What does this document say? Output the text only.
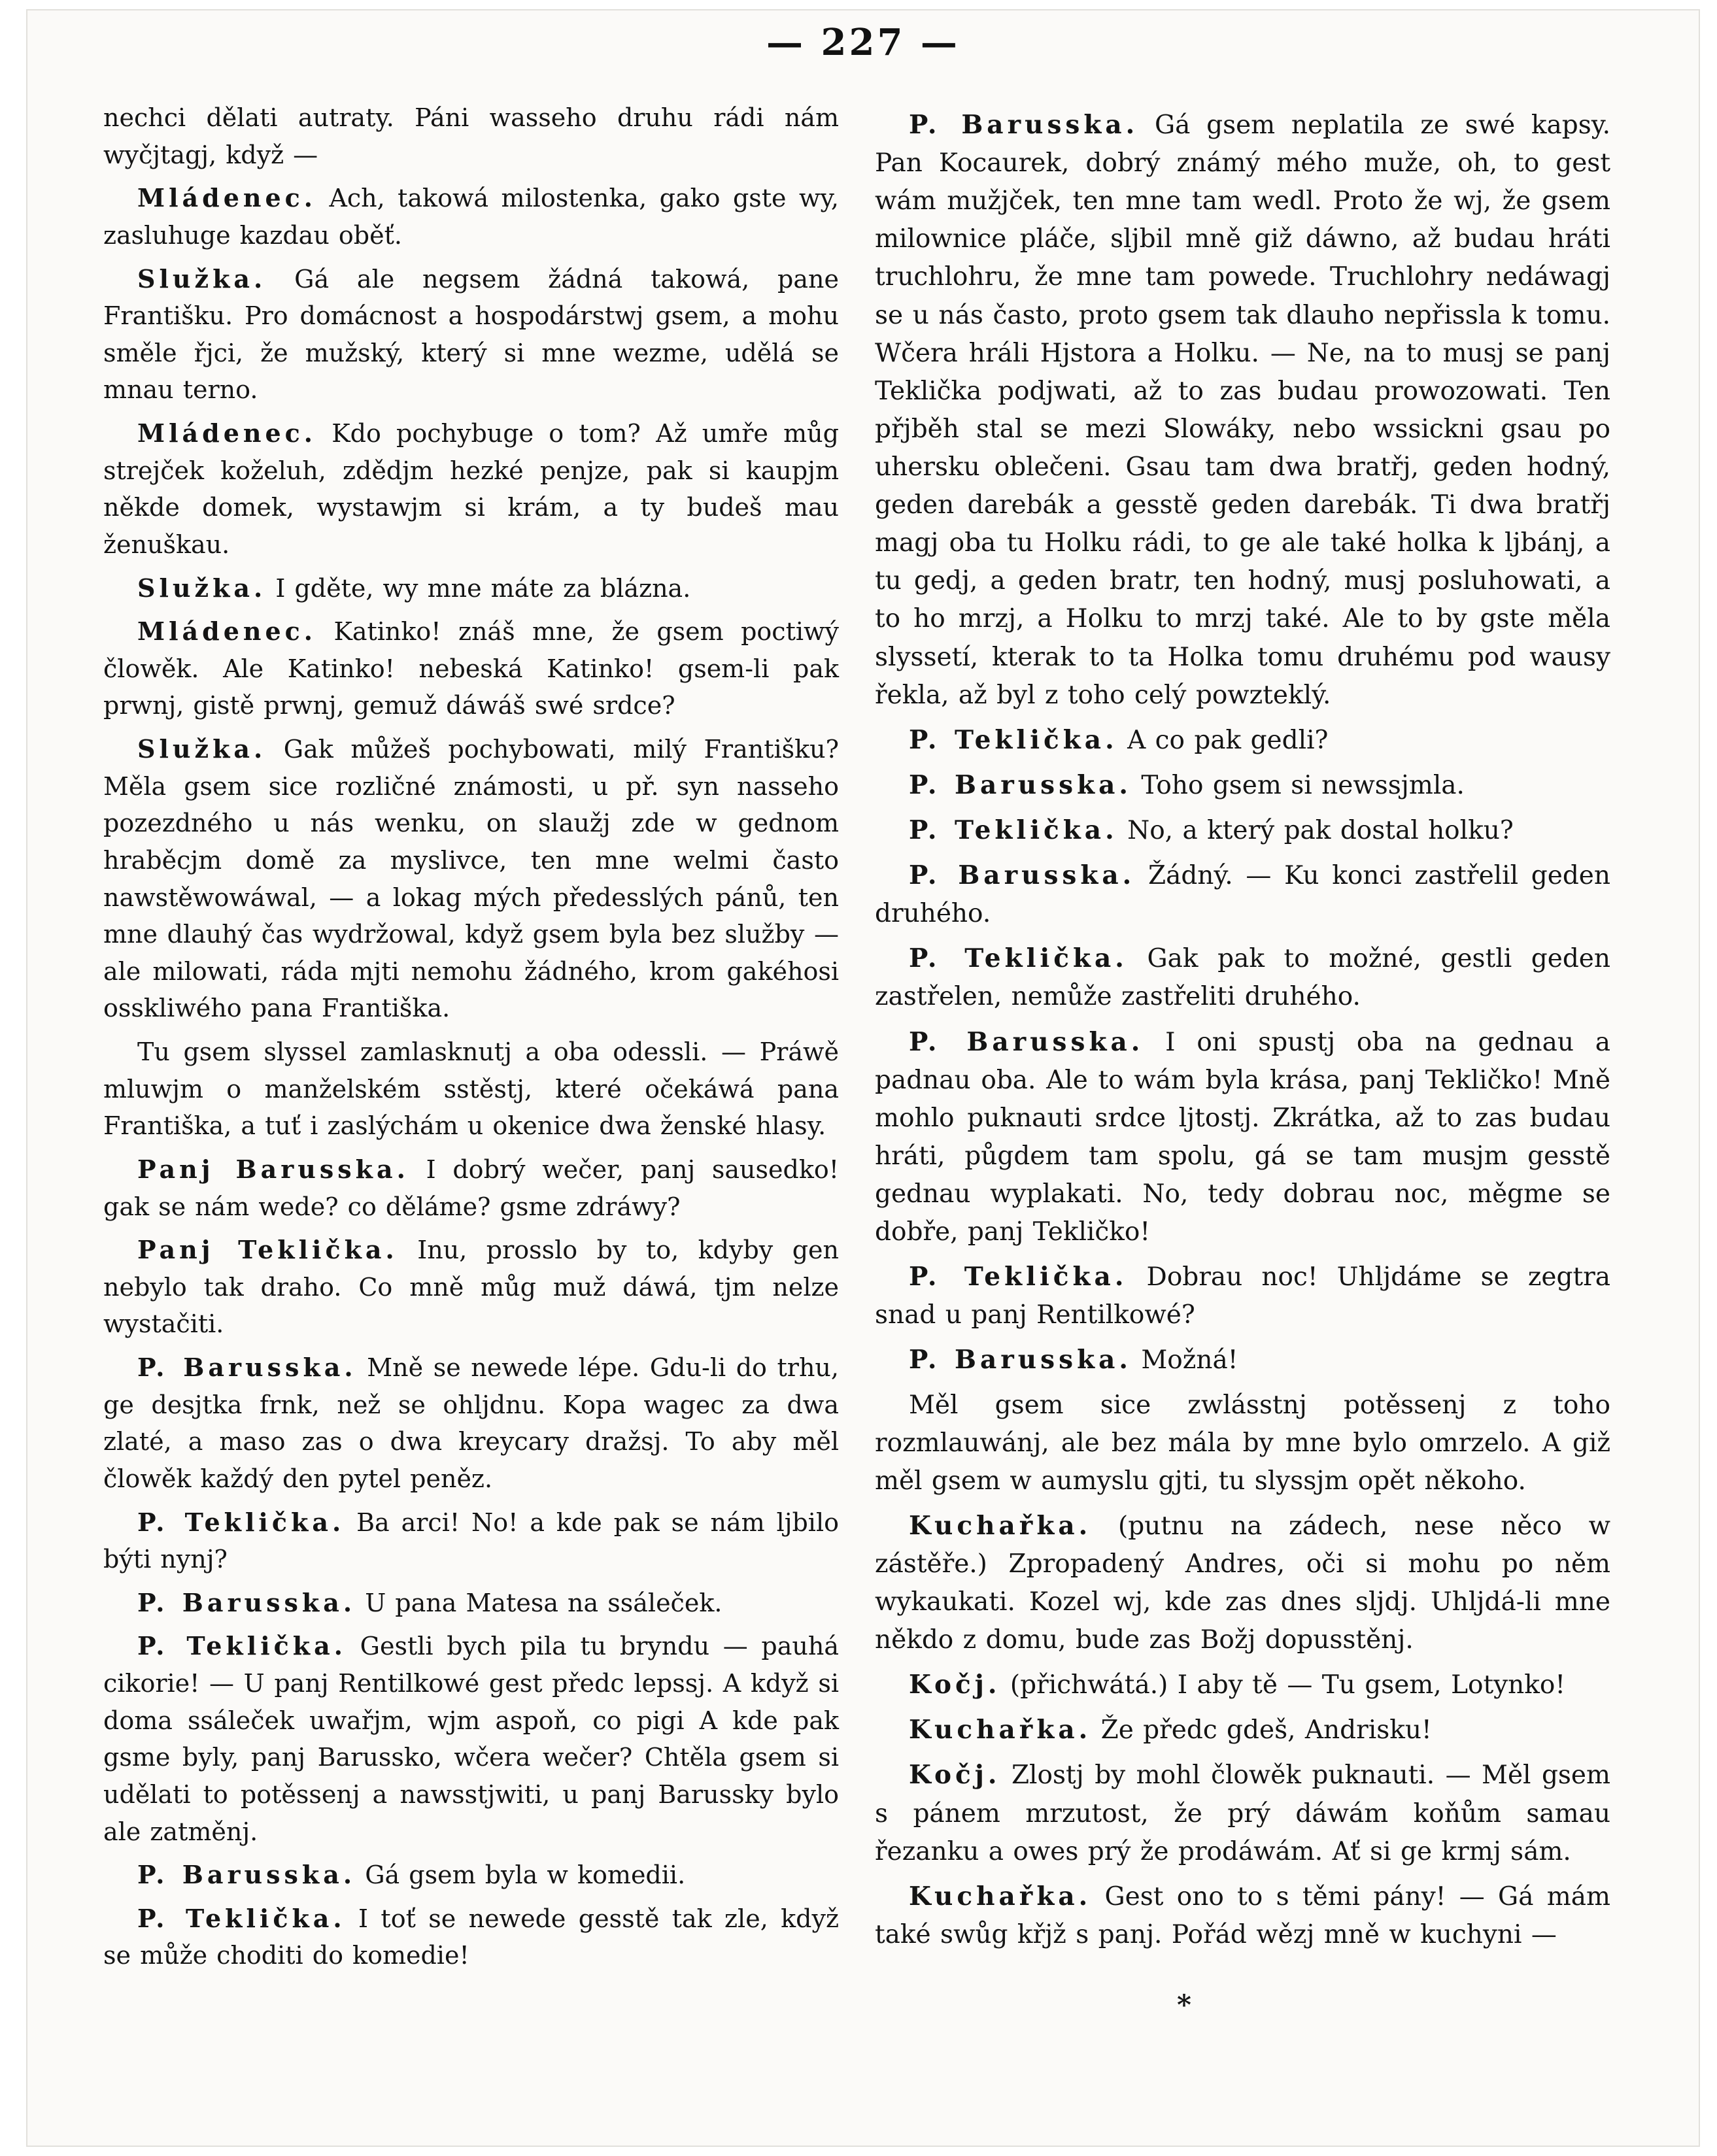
— 227 —

nechci dělati autraty. Páni wasseho druhu rádi nám wyčjtagj, když —

Mládenec. Ach, takowá milostenka, gako gste wy, zasluhuge kazdau oběť.

Služka. Gá ale negsem žádná takowá, pane Františku. Pro domácnost a hospodárstwj gsem, a mohu směle řjci, že mužský, který si mne wezme, udělá se mnau terno.

Mládenec. Kdo pochybuge o tom? Až umře můg strejček koželuh, zdědjm hezké penjze, pak si kaupjm někde domek, wystawjm si krám, a ty budeš mau ženuškau.

Služka. I gděte, wy mne máte za blázna.

Mládenec. Katinko! znáš mne, že gsem poctiwý člowěk. Ale Katinko! nebeská Katinko! gsem-li pak prwnj, gistě prwnj, gemuž dáwáš swé srdce?

Služka. Gak můžeš pochybowati, milý Františku? Měla gsem sice rozličné známosti, u př. syn nasseho pozezdného u nás wenku, on slaužj zde w gednom hraběcjm domě za myslivce, ten mne welmi často nawstěwowáwal, — a lokag mých předesslých pánů, ten mne dlauhý čas wydržowal, když gsem byla bez služby — ale milowati, ráda mjti nemohu žádného, krom gakéhosi osskliwého pana Františka.

Tu gsem slyssel zamlasknutj a oba odessli. — Práwě mluwjm o manželském sstěstj, které očekáwá pana Františka, a tuť i zaslýchám u okenice dwa ženské hlasy.

Panj Barusska. I dobrý wečer, panj sausedko! gak se nám wede? co děláme? gsme zdráwy?

Panj Teklička. Inu, prosslo by to, kdyby gen nebylo tak draho. Co mně můg muž dáwá, tjm nelze wystačiti.

P. Barusska. Mně se newede lépe. Gdu-li do trhu, ge desjtka frnk, než se ohljdnu. Kopa wagec za dwa zlaté, a maso zas o dwa kreycary dražsj. To aby měl člowěk každý den pytel peněz.

P. Teklička. Ba arci! No! a kde pak se nám ljbilo býti nynj?

P. Barusska. U pana Matesa na ssáleček.

P. Teklička. Gestli bych pila tu bryndu — pauhá cikorie! — U panj Rentilkowé gest předc lepssj. A když si doma ssáleček uwařjm, wjm aspoň, co pigi A kde pak gsme byly, panj Barussko, wčera wečer? Chtěla gsem si udělati to potěssenj a nawsstjwiti, u panj Barussky bylo ale zatměnj.

P. Barusska. Gá gsem byla w komedii.

P. Teklička. I toť se newede gesstě tak zle, když se může choditi do komedie!

P. Barusska. Gá gsem neplatila ze swé kapsy. Pan Kocaurek, dobrý známý mého muže, oh, to gest wám mužjček, ten mne tam wedl. Proto že wj, že gsem milownice pláče, sljbil mně giž dáwno, až budau hráti truchlohru, že mne tam powede. Truchlohry nedáwagj se u nás často, proto gsem tak dlauho nepřissla k tomu. Wčera hráli Hjstora a Holku. — Ne, na to musj se panj Teklička podjwati, až to zas budau prowozowati. Ten přjběh stal se mezi Slowáky, nebo wssickni gsau po uhersku oblečeni. Gsau tam dwa bratřj, geden hodný, geden darebák a gesstě geden darebák. Ti dwa bratřj magj oba tu Holku rádi, to ge ale také holka k ljbánj, a tu gedj, a geden bratr, ten hodný, musj posluhowati, a to ho mrzj, a Holku to mrzj také. Ale to by gste měla slyssetí, kterak to ta Holka tomu druhému pod wausy řekla, až byl z toho celý powzteklý.

P. Teklička. A co pak gedli?

P. Barusska. Toho gsem si newssjmla.

P. Teklička. No, a který pak dostal holku?

P. Barusska. Žádný. — Ku konci zastřelil geden druhého.

P. Teklička. Gak pak to možné, gestli geden zastřelen, nemůže zastřeliti druhého.

P. Barusska. I oni spustj oba na gednau a padnau oba. Ale to wám byla krása, panj Tekličko! Mně mohlo puknauti srdce ljtostj. Zkrátka, až to zas budau hráti, půgdem tam spolu, gá se tam musjm gesstě gednau wyplakati. No, tedy dobrau noc, měgme se dobře, panj Tekličko!

P. Teklička. Dobrau noc! Uhljdáme se zegtra snad u panj Rentilkowé?

P. Barusska. Možná!

Měl gsem sice zwlásstnj potěssenj z toho rozmlauwánj, ale bez mála by mne bylo omrzelo. A giž měl gsem w aumyslu gjti, tu slyssjm opět někoho.

Kuchařka. (putnu na zádech, nese něco w zástěře.) Zpropadený Andres, oči si mohu po něm wykaukati. Kozel wj, kde zas dnes sljdj. Uhljdá-li mne někdo z domu, bude zas Božj dopusstěnj.

Kočj. (přichwátá.) I aby tě — Tu gsem, Lotynko!

Kuchařka. Že předc gdeš, Andrisku!

Kočj. Zlostj by mohl člowěk puknauti. — Měl gsem s pánem mrzutost, že prý dáwám koňům samau řezanku a owes prý že prodáwám. Ať si ge krmj sám.

Kuchařka. Gest ono to s těmi pány! — Gá mám také swůg křjž s panj. Pořád wězj mně w kuchyni —

*
